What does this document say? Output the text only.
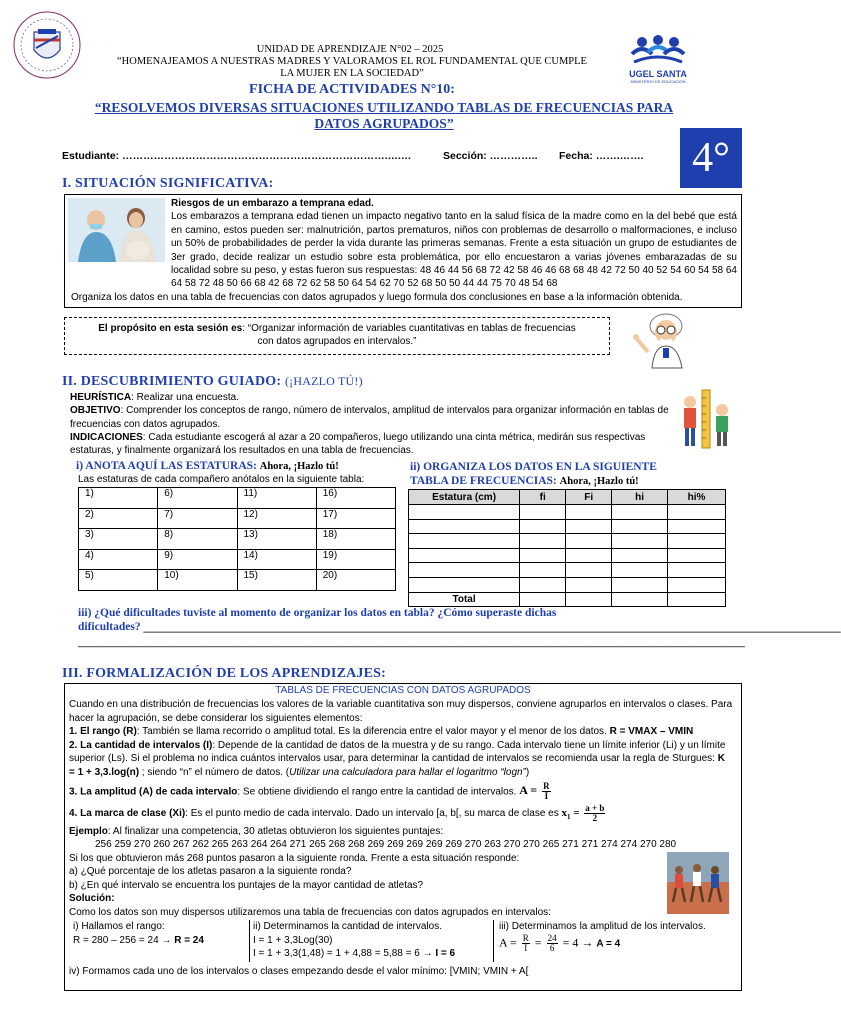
UGEL SANTA
MINISTERIO DE EDUCACIÓN
UNIDAD DE APRENDIZAJE N°02 – 2025
“HOMENAJEAMOS A NUESTRAS MADRES Y VALORAMOS EL ROL FUNDAMENTAL QUE CUMPLE
LA MUJER EN LA SOCIEDAD”
FICHA DE ACTIVIDADES N°10:
“RESOLVEMOS DIVERSAS SITUACIONES UTILIZANDO TABLAS DE FRECUENCIAS PARA
DATOS AGRUPADOS”
4°
Estudiante: ………………………………………………………………….….…	Sección: ………….. Fecha: …….…….
I. SITUACIÓN SIGNIFICATIVA:
Riesgos de un embarazo a temprana edad.
Los embarazos a temprana edad tienen un impacto negativo tanto en la salud física de la madre como en la del bebé que está en camino, estos pueden ser: malnutrición, partos prematuros, niños con problemas de desarrollo o malformaciones, e incluso un 50% de probabilidades de perder la vida durante las primeras semanas. Frente a esta situación un grupo de estudiantes de 3er grado, decide realizar un estudio sobre esta problemática, por ello encuestaron a varias jóvenes embarazadas de su localidad sobre su peso, y estas fueron sus respuestas: 48 46 44 56 68 72 42 58 46 46 68 68 48 42 72 50 40 52 54 60 54 58 64 64 58 72 48 50 66 68 42 68 72 62 58 50 64 54 62 70 52 68 50 50 44 44 75 70 48 54 68
Organiza los datos en una tabla de frecuencias con datos agrupados y luego formula dos conclusiones en base a la información obtenida.
El propósito en esta sesión es: “Organizar información de variables cuantitativas en tablas de frecuencias con datos agrupados en intervalos.”
II. DESCUBRIMIENTO GUIADO: (¡HAZLO TÚ!)
HEURÍSTICA: Realizar una encuesta.
OBJETIVO: Comprender los conceptos de rango, número de intervalos, amplitud de intervalos para organizar información en tablas de frecuencias con datos agrupados.
INDICACIONES: Cada estudiante escogerá al azar a 20 compañeros, luego utilizando una cinta métrica, medirán sus respectivas estaturas, y finalmente organizará los resultados en una tabla de frecuencias.
i) ANOTA AQUÍ LAS ESTATURAS: Ahora, ¡Hazlo tú!
Las estaturas de cada compañero anótalos en la siguiente tabla:
1)	6)	11)	16)
2)	7)	12)	17)
3)	8)	13)	18)
4)	9)	14)	19)
5)	10)	15)	20)
ii) ORGANIZA LOS DATOS EN LA SIGUIENTE
TABLA DE FRECUENCIAS: Ahora, ¡Hazlo tú!
Estatura (cm)	fi	Fi	hi	hi%

Total				
iii) ¿Qué dificultades tuviste al momento de organizar los datos en tabla? ¿Cómo superaste dichas
dificultades? _____________________________________________________________________________________________________________
_____________________________________________________________________________________________________________
III. FORMALIZACIÓN DE LOS APRENDIZAJES:
TABLAS DE FRECUENCIAS CON DATOS AGRUPADOS
Cuando en una distribución de frecuencias los valores de la variable cuantitativa son muy dispersos, conviene agruparlos en intervalos o clases. Para hacer la agrupación, se debe considerar los siguientes elementos:
1. El rango (R): También se llama recorrido o amplitud total. Es la diferencia entre el valor mayor y el menor de los datos. R = VMAX – VMIN
2. La cantidad de intervalos (I): Depende de la cantidad de datos de la muestra y de su rango. Cada intervalo tiene un límite inferior (Li) y un límite superior (Ls). Si el problema no indica cuántos intervalos usar, para determinar la cantidad de intervalos se recomienda usar la regla de Sturgues: K = 1 + 3,3.log(n) ; siendo “n” el número de datos. (Utilizar una calculadora para hallar el logaritmo “logn”)
3. La amplitud (A) de cada intervalo: Se obtiene dividiendo el rango entre la cantidad de intervalos. $A = \frac{R}{I}$
4. La marca de clase (Xi): Es el punto medio de cada intervalo. Dado un intervalo [a, b[, su marca de clase es $x_1 = \frac{a + b}{2}$
Ejemplo: Al finalizar una competencia, 30 atletas obtuvieron los siguientes puntajes:
256 259 270 260 267 262 265 263 264 264 271 265 268 268 269 269 269 269 269 270 263 270 270 265 271 271 274 274 270 280
Si los que obtuvieron más 268 puntos pasaron a la siguiente ronda. Frente a esta situación responde:
a) ¿Qué porcentaje de los atletas pasaron a la siguiente ronda?
b) ¿En qué intervalo se encuentra los puntajes de la mayor cantidad de atletas?
Solución:
Como los datos son muy dispersos utilizaremos una tabla de frecuencias con datos agrupados en intervalos:
i) Hallamos el rango:
R = 280 – 256 = 24 → R = 24
ii) Determinamos la cantidad de intervalos.
I = 1 + 3,3Log(30)
I = 1 + 3,3(1,48) = 1 + 4,88 = 5,88 = 6 → I = 6
iii) Determinamos la amplitud de los intervalos.
$A = \frac{R}{I} = \frac{24}{6} = 4 \to A = 4$
iv) Formamos cada uno de los intervalos o clases empezando desde el valor mínimo: [VMIN; VMIN + A[
